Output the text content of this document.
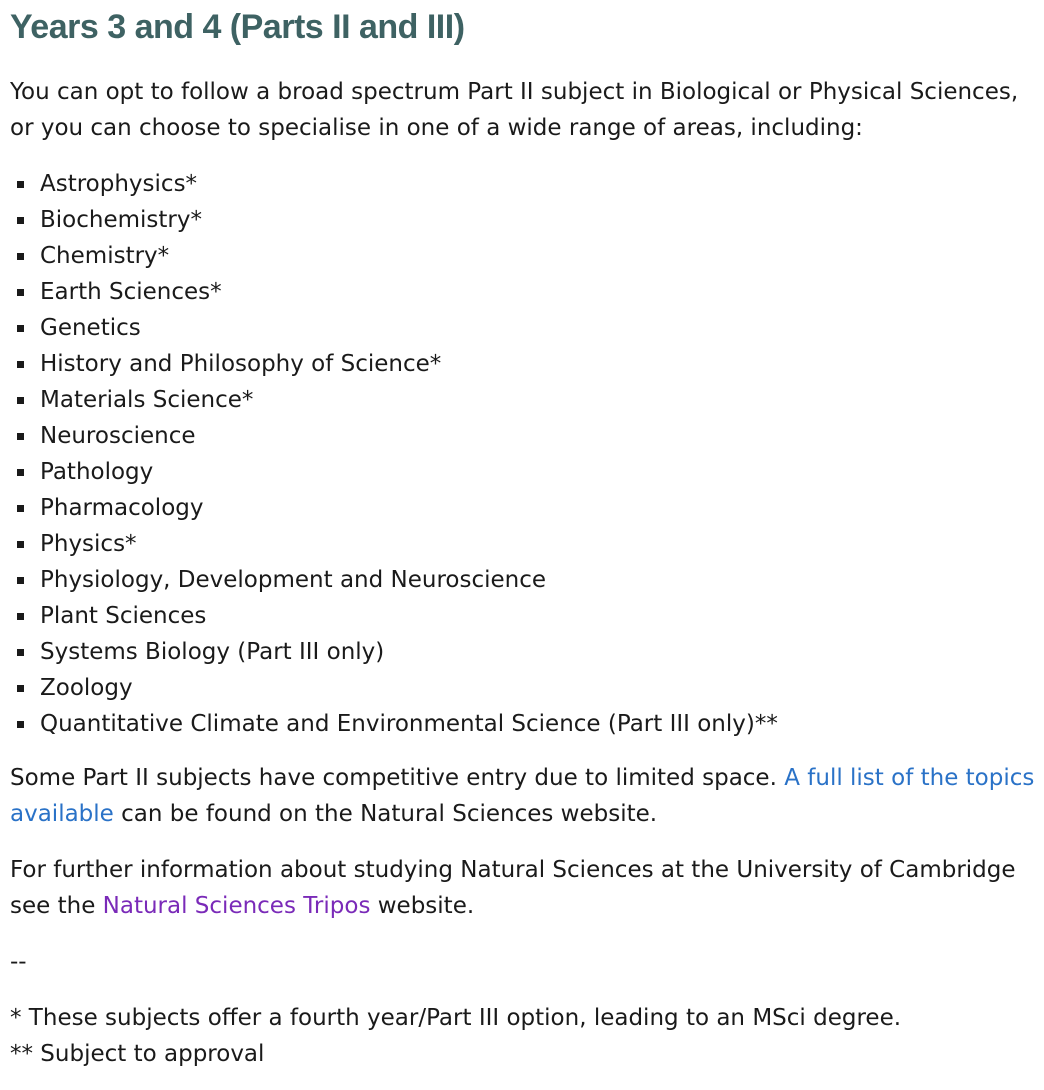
Years 3 and 4 (Parts II and III)

You can opt to follow a broad spectrum Part II subject in Biological or Physical Sciences, or you can choose to specialise in one of a wide range of areas, including:

Astrophysics*
Biochemistry*
Chemistry*
Earth Sciences*
Genetics
History and Philosophy of Science*
Materials Science*
Neuroscience
Pathology
Pharmacology
Physics*
Physiology, Development and Neuroscience
Plant Sciences
Systems Biology (Part III only)
Zoology
Quantitative Climate and Environmental Science (Part III only)**

Some Part II subjects have competitive entry due to limited space. A full list of the topics available can be found on the Natural Sciences website.

For further information about studying Natural Sciences at the University of Cambridge see the Natural Sciences Tripos website.

--

* These subjects offer a fourth year/Part III option, leading to an MSci degree.

** Subject to approval
